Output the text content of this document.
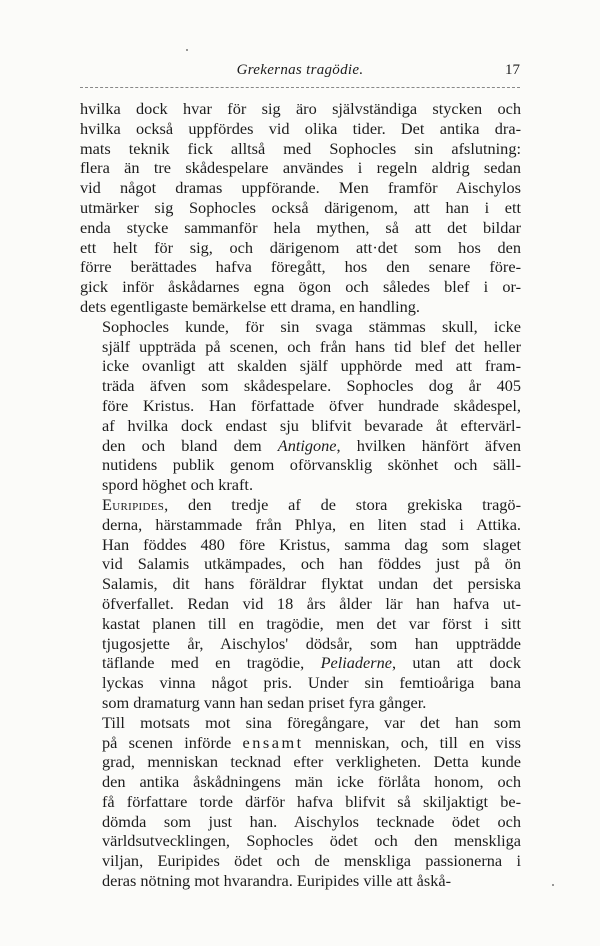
Grekernas tragödie.	17
hvilka dock hvar för sig äro självständiga stycken och
hvilka också uppfördes vid olika tider. Det antika dra-
mats teknik fick alltså med Sophocles sin afslutning:
flera än tre skådespelare användes i regeln aldrig sedan
vid något dramas uppförande. Men framför Aischylos
utmärker sig Sophocles också därigenom, att han i ett
enda stycke sammanför hela mythen, så att det bildar
ett helt för sig, och därigenom att·det som hos den
förre berättades hafva föregått, hos den senare före-
gick inför åskådarnes egna ögon och således blef i or-
dets egentligaste bemärkelse ett drama, en handling.
Sophocles kunde, för sin svaga stämmas skull, icke
själf uppträda på scenen, och från hans tid blef det heller
icke ovanligt att skalden själf upphörde med att fram-
träda äfven som skådespelare. Sophocles dog år 405
före Kristus. Han författade öfver hundrade skådespel,
af hvilka dock endast sju blifvit bevarade åt eftervärl-
den och bland dem Antigone, hvilken hänfört äfven
nutidens publik genom oförvansklig skönhet och säll-
spord höghet och kraft.
Euripides, den tredje af de stora grekiska tragö-
derna, härstammade från Phlya, en liten stad i Attika.
Han föddes 480 före Kristus, samma dag som slaget
vid Salamis utkämpades, och han föddes just på ön
Salamis, dit hans föräldrar flyktat undan det persiska
öfverfallet. Redan vid 18 års ålder lär han hafva ut-
kastat planen till en tragödie, men det var först i sitt
tjugosjette år, Aischylos' dödsår, som han uppträdde
täflande med en tragödie, Peliaderne, utan att dock
lyckas vinna något pris. Under sin femtioåriga bana
som dramaturg vann han sedan priset fyra gånger.
Till motsats mot sina föregångare, var det han som
på scenen införde ensamt menniskan, och, till en viss
grad, menniskan tecknad efter verkligheten. Detta kunde
den antika åskådningens män icke förlåta honom, och
få författare torde därför hafva blifvit så skiljaktigt be-
dömda som just han. Aischylos tecknade ödet och
världsutvecklingen, Sophocles ödet och den menskliga
viljan, Euripides ödet och de menskliga passionerna i
deras nötning mot hvarandra. Euripides ville att åskå-
